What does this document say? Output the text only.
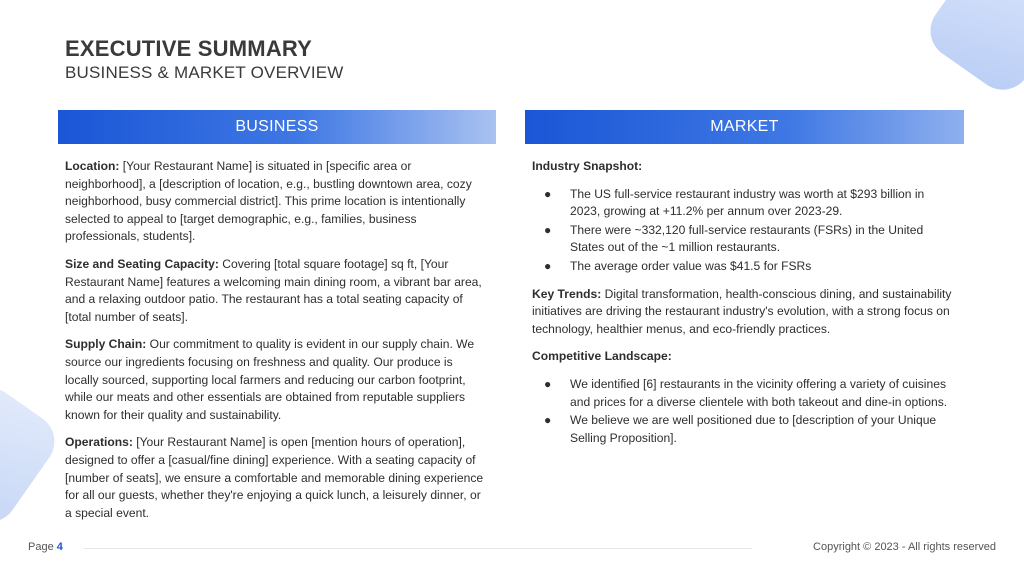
EXECUTIVE SUMMARY

BUSINESS & MARKET OVERVIEW

BUSINESS

Location: [Your Restaurant Name] is situated in [specific area or neighborhood], a [description of location, e.g., bustling downtown area, cozy neighborhood, busy commercial district]. This prime location is intentionally selected to appeal to [target demographic, e.g., families, business professionals, students].

Size and Seating Capacity: Covering [total square footage] sq ft, [Your Restaurant Name] features a welcoming main dining room, a vibrant bar area, and a relaxing outdoor patio. The restaurant has a total seating capacity of [total number of seats].

Supply Chain: Our commitment to quality is evident in our supply chain. We source our ingredients focusing on freshness and quality. Our produce is locally sourced, supporting local farmers and reducing our carbon footprint, while our meats and other essentials are obtained from reputable suppliers known for their quality and sustainability.

Operations: [Your Restaurant Name] is open [mention hours of operation], designed to offer a [casual/fine dining] experience. With a seating capacity of [number of seats], we ensure a comfortable and memorable dining experience for all our guests, whether they're enjoying a quick lunch, a leisurely dinner, or a special event.

MARKET

Industry Snapshot:

● The US full-service restaurant industry was worth at $293 billion in 2023, growing at +11.2% per annum over 2023-29.
● There were ~332,120 full-service restaurants (FSRs) in the United States out of the ~1 million restaurants.
● The average order value was $41.5 for FSRs

Key Trends: Digital transformation, health-conscious dining, and sustainability initiatives are driving the restaurant industry's evolution, with a strong focus on technology, healthier menus, and eco-friendly practices.

Competitive Landscape:

● We identified [6] restaurants in the vicinity offering a variety of cuisines and prices for a diverse clientele with both takeout and dine-in options.
● We believe we are well positioned due to [description of your Unique Selling Proposition].
Page 4	Copyright © 2023 - All rights reserved
